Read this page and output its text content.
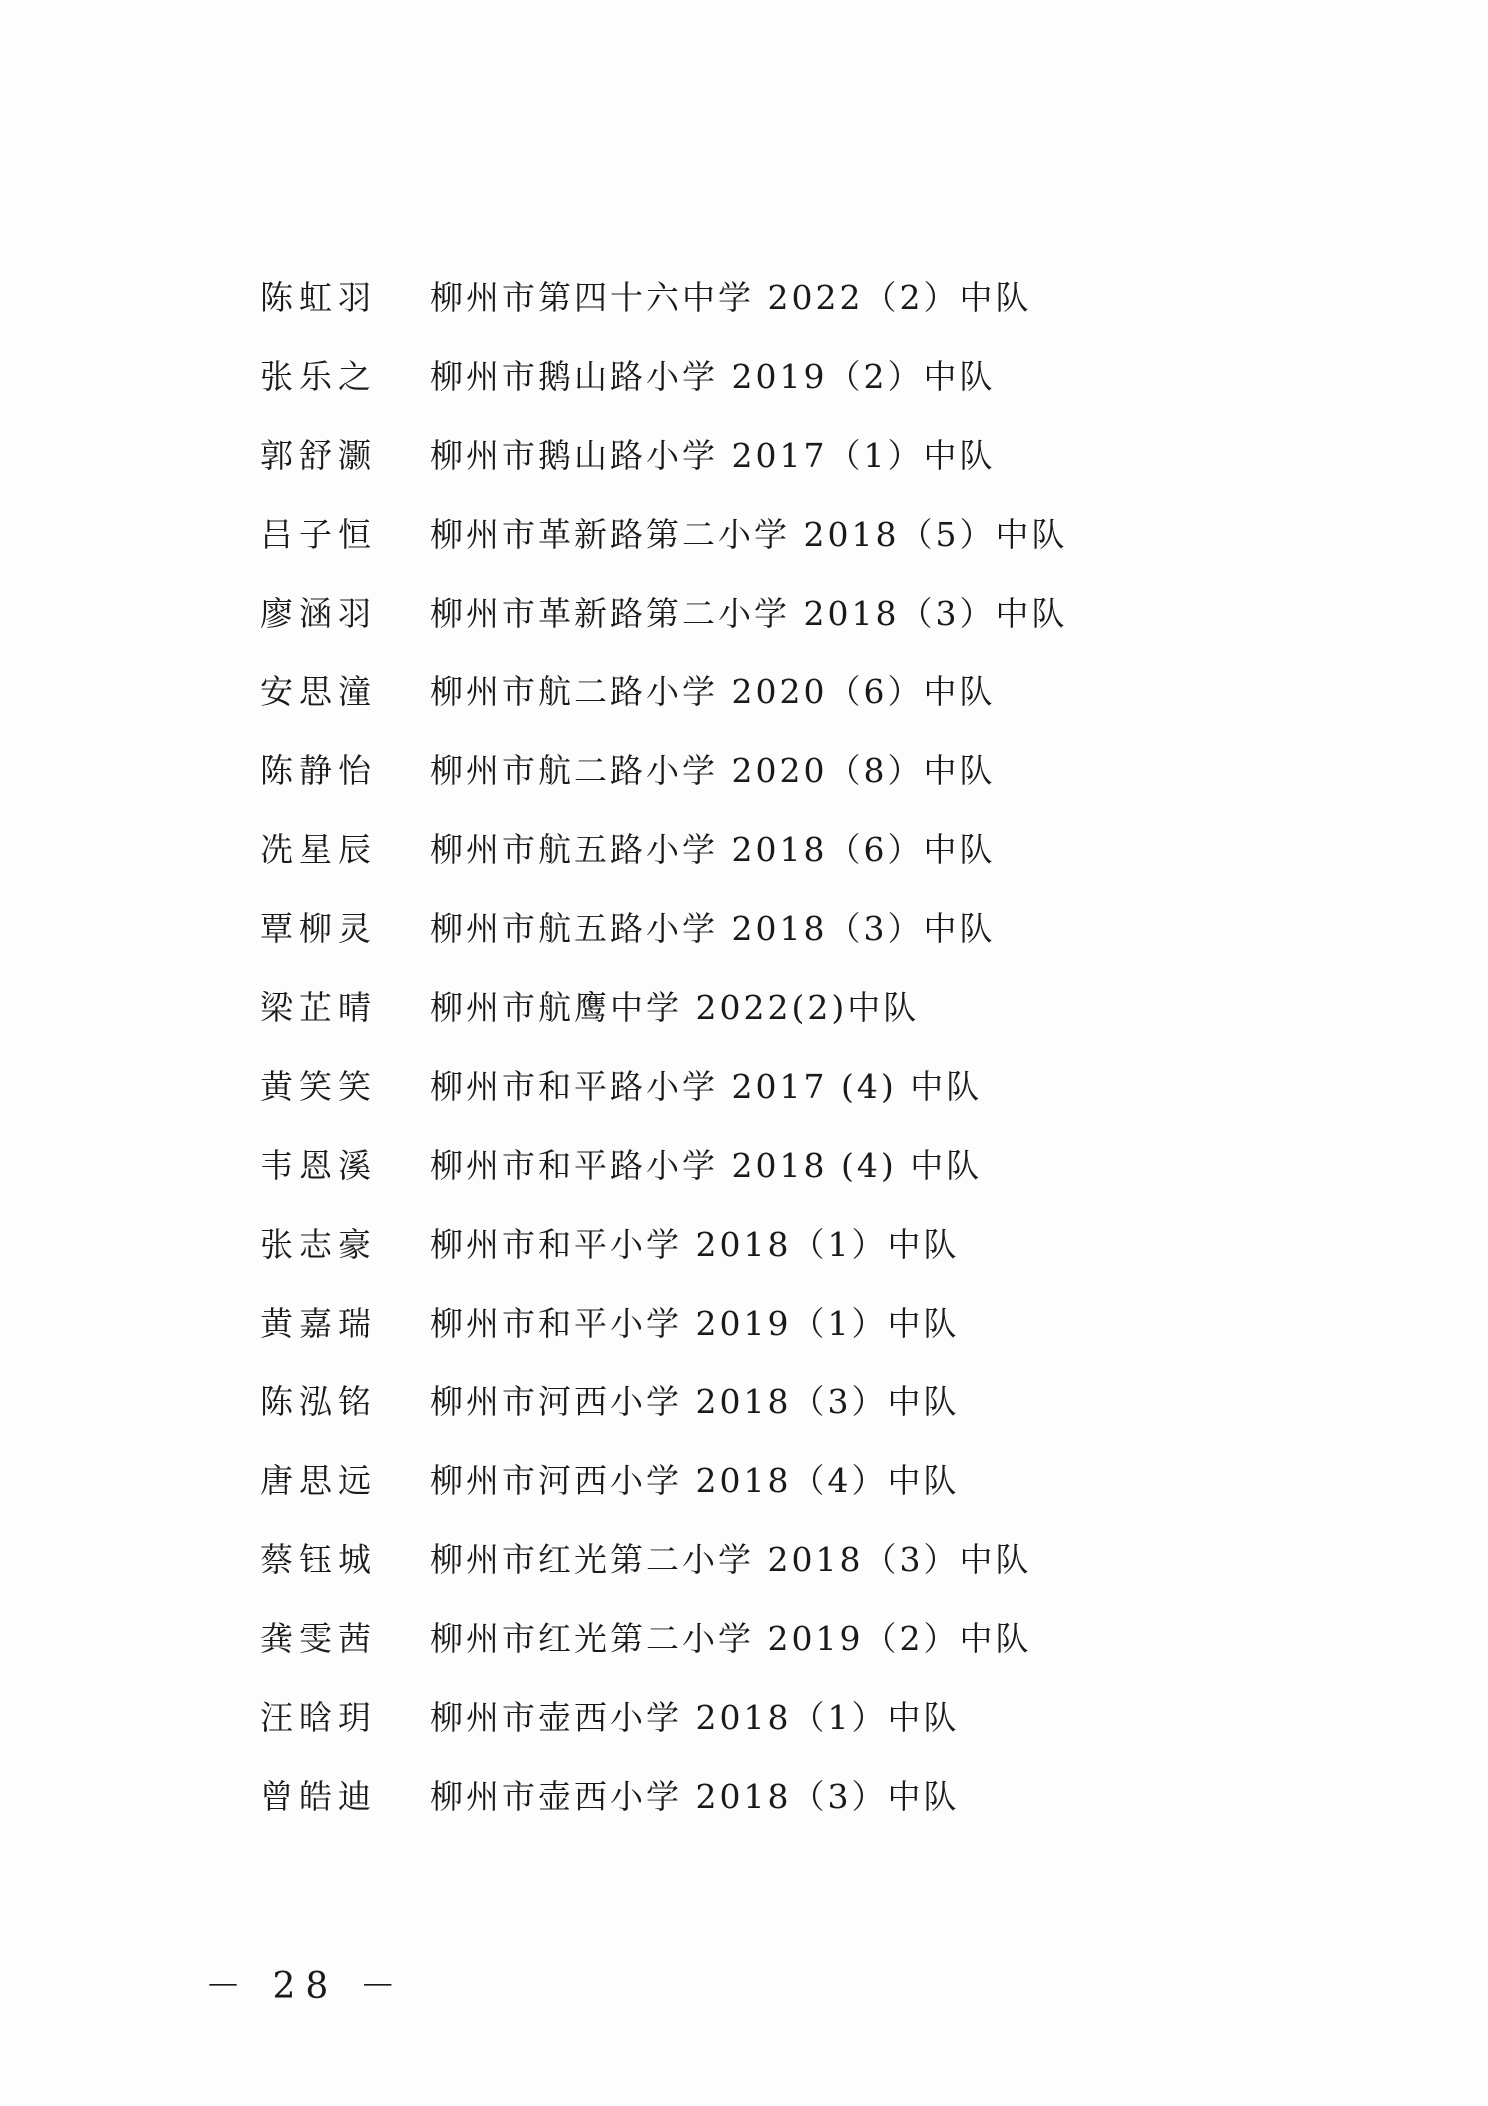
陈虹羽	柳州市第四十六中学 2022（2）中队
张乐之	柳州市鹅山路小学 2019（2）中队
郭舒灏	柳州市鹅山路小学 2017（1）中队
吕子恒	柳州市革新路第二小学 2018（5）中队
廖涵羽	柳州市革新路第二小学 2018（3）中队
安思潼	柳州市航二路小学 2020（6）中队
陈静怡	柳州市航二路小学 2020（8）中队
冼星辰	柳州市航五路小学 2018（6）中队
覃柳灵	柳州市航五路小学 2018（3）中队
梁芷晴	柳州市航鹰中学 2022(2)中队
黄笑笑	柳州市和平路小学 2017 (4) 中队
韦恩溪	柳州市和平路小学 2018 (4) 中队
张志豪	柳州市和平小学 2018（1）中队
黄嘉瑞	柳州市和平小学 2019（1）中队
陈泓铭	柳州市河西小学 2018（3）中队
唐思远	柳州市河西小学 2018（4）中队
蔡钰城	柳州市红光第二小学 2018（3）中队
龚雯茜	柳州市红光第二小学 2019（2）中队
汪晗玥	柳州市壶西小学 2018（1）中队
曾皓迪	柳州市壶西小学 2018（3）中队
－ 28 －
